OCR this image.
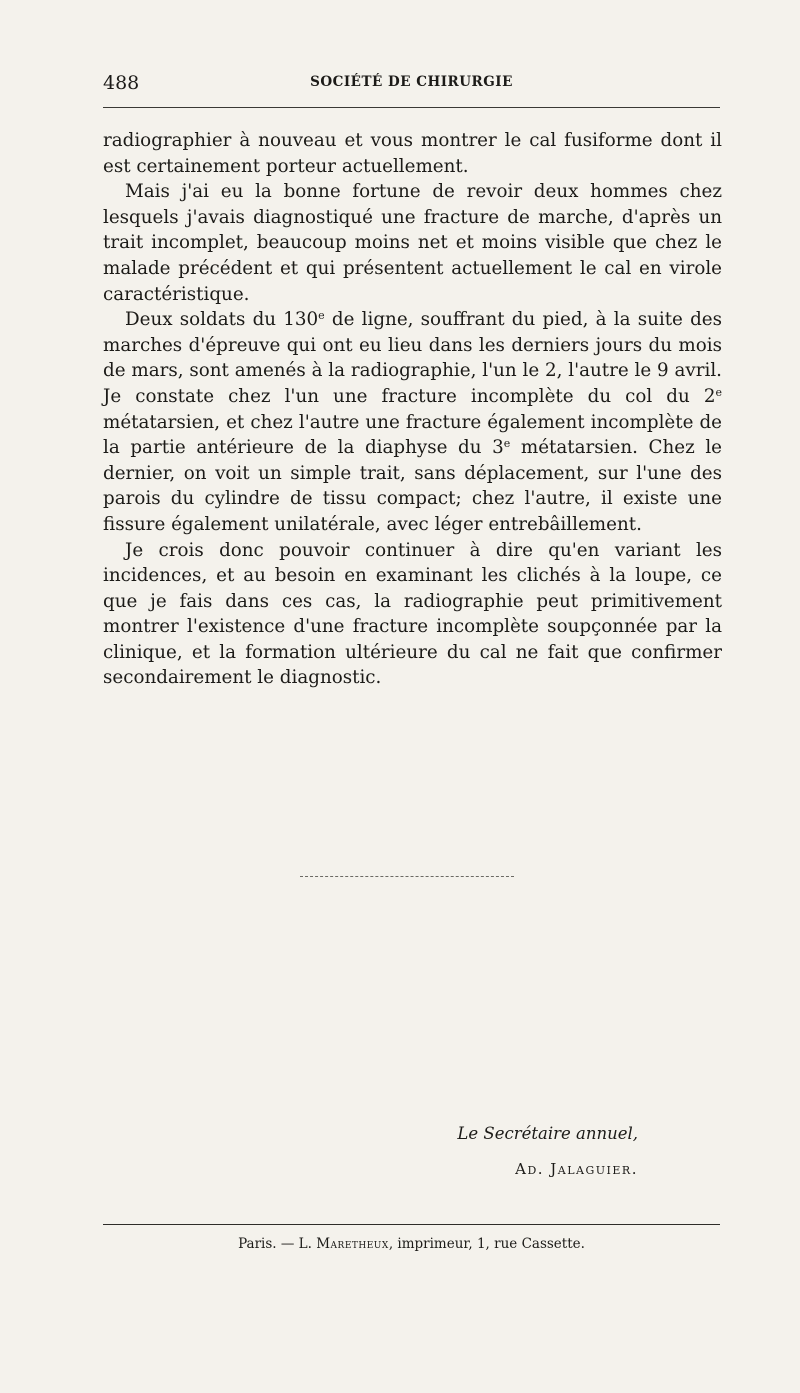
488	SOCIÉTÉ DE CHIRURGIE

radiographier à nouveau et vous montrer le cal fusiforme dont il est certainement porteur actuellement.

Mais j'ai eu la bonne fortune de revoir deux hommes chez lesquels j'avais diagnostiqué une fracture de marche, d'après un trait incomplet, beaucoup moins net et moins visible que chez le malade précédent et qui présentent actuellement le cal en virole caractéristique.

Deux soldats du 130e de ligne, souffrant du pied, à la suite des marches d'épreuve qui ont eu lieu dans les derniers jours du mois de mars, sont amenés à la radiographie, l'un le 2, l'autre le 9 avril. Je constate chez l'un une fracture incomplète du col du 2e métatarsien, et chez l'autre une fracture également incomplète de la partie antérieure de la diaphyse du 3e métatarsien. Chez le dernier, on voit un simple trait, sans déplacement, sur l'une des parois du cylindre de tissu compact; chez l'autre, il existe une fissure également unilatérale, avec léger entrebâillement.

Je crois donc pouvoir continuer à dire qu'en variant les incidences, et au besoin en examinant les clichés à la loupe, ce que je fais dans ces cas, la radiographie peut primitivement montrer l'existence d'une fracture incomplète soupçonnée par la clinique, et la formation ultérieure du cal ne fait que confirmer secondairement le diagnostic.

Le Secrétaire annuel,
Ad. Jalaguier.
Paris. — L. Maretheux, imprimeur, 1, rue Cassette.
